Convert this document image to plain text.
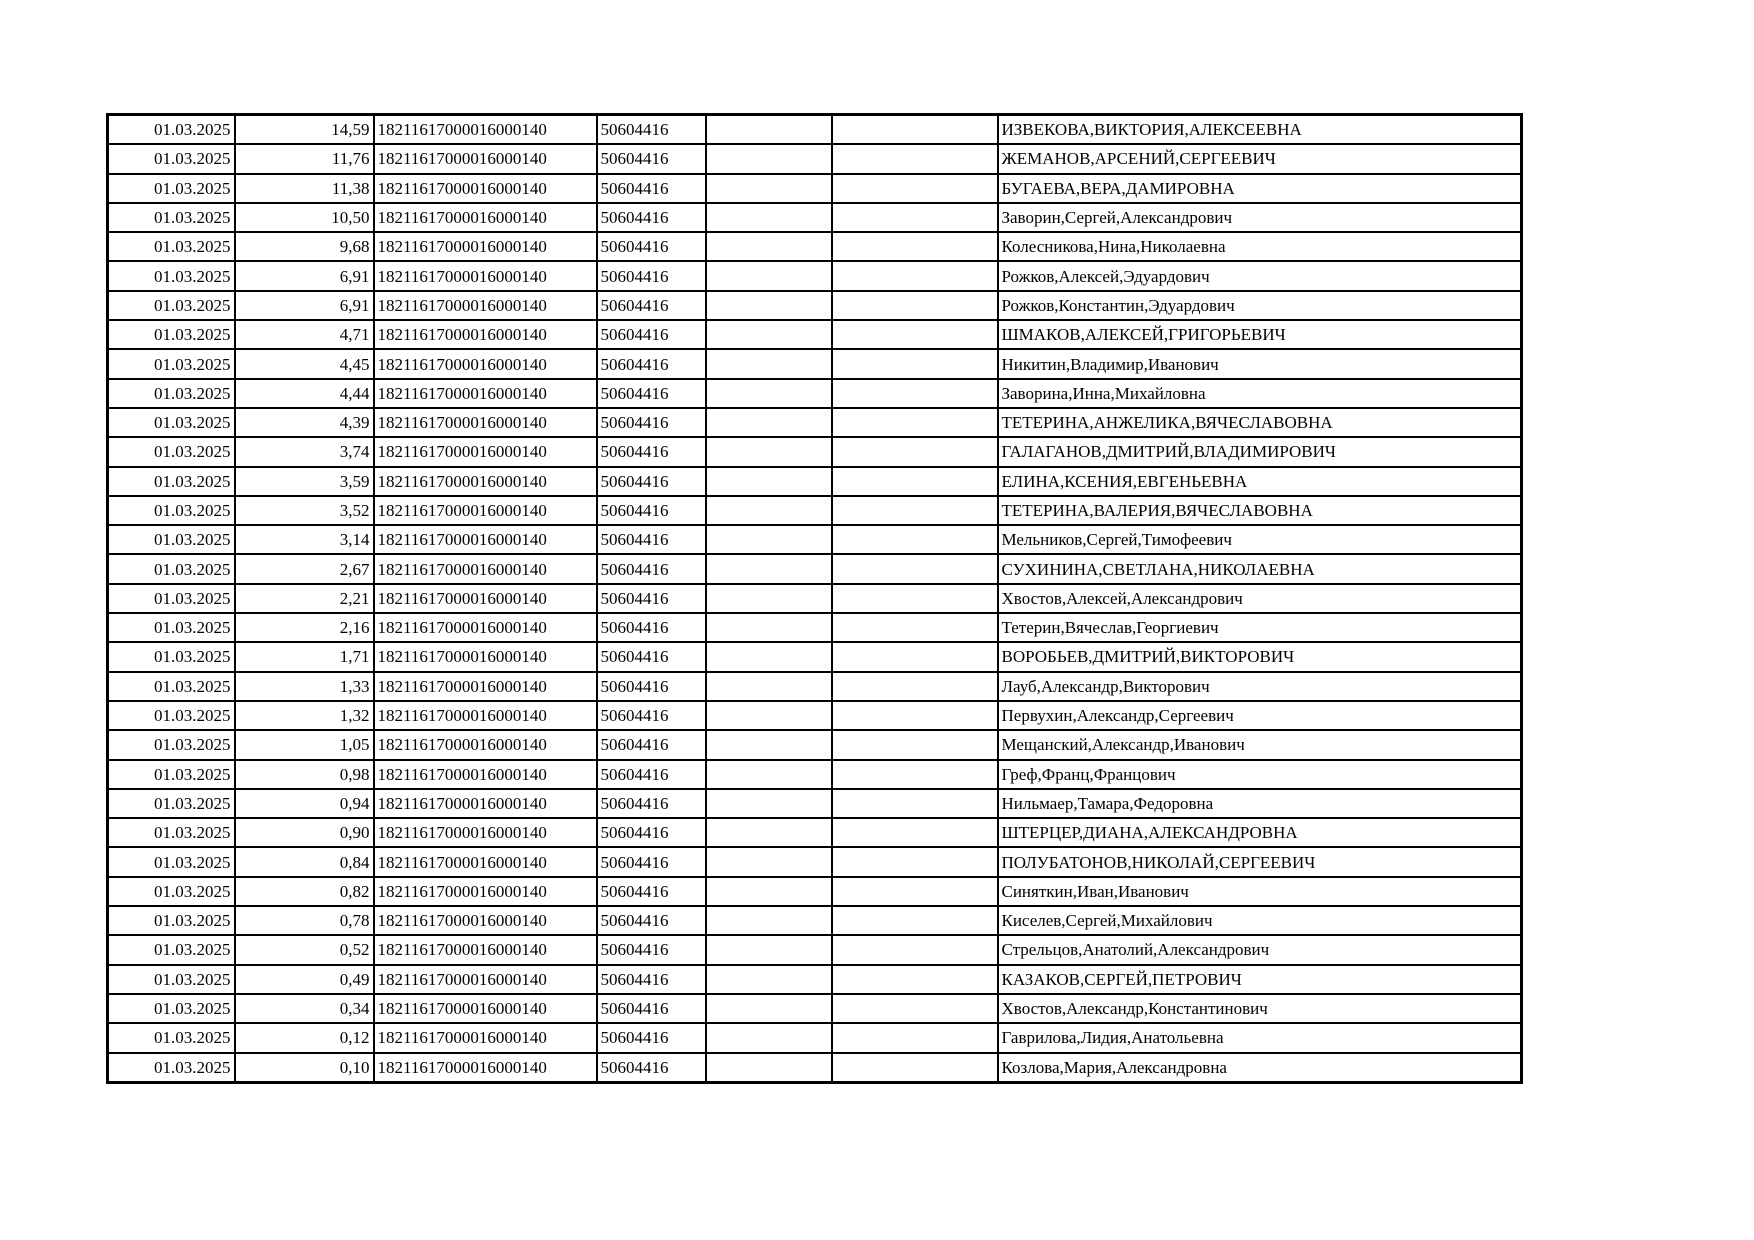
01.03.2025	14,59	18211617000016000140	50604416			ИЗВЕКОВА,ВИКТОРИЯ,АЛЕКСЕЕВНА
01.03.2025	11,76	18211617000016000140	50604416			ЖЕМАНОВ,АРСЕНИЙ,СЕРГЕЕВИЧ
01.03.2025	11,38	18211617000016000140	50604416			БУГАЕВА,ВЕРА,ДАМИРОВНА
01.03.2025	10,50	18211617000016000140	50604416			Заворин,Сергей,Александрович
01.03.2025	9,68	18211617000016000140	50604416			Колесникова,Нина,Николаевна
01.03.2025	6,91	18211617000016000140	50604416			Рожков,Алексей,Эдуардович
01.03.2025	6,91	18211617000016000140	50604416			Рожков,Константин,Эдуардович
01.03.2025	4,71	18211617000016000140	50604416			ШМАКОВ,АЛЕКСЕЙ,ГРИГОРЬЕВИЧ
01.03.2025	4,45	18211617000016000140	50604416			Никитин,Владимир,Иванович
01.03.2025	4,44	18211617000016000140	50604416			Заворина,Инна,Михайловна
01.03.2025	4,39	18211617000016000140	50604416			ТЕТЕРИНА,АНЖЕЛИКА,ВЯЧЕСЛАВОВНА
01.03.2025	3,74	18211617000016000140	50604416			ГАЛАГАНОВ,ДМИТРИЙ,ВЛАДИМИРОВИЧ
01.03.2025	3,59	18211617000016000140	50604416			ЕЛИНА,КСЕНИЯ,ЕВГЕНЬЕВНА
01.03.2025	3,52	18211617000016000140	50604416			ТЕТЕРИНА,ВАЛЕРИЯ,ВЯЧЕСЛАВОВНА
01.03.2025	3,14	18211617000016000140	50604416			Мельников,Сергей,Тимофеевич
01.03.2025	2,67	18211617000016000140	50604416			СУХИНИНА,СВЕТЛАНА,НИКОЛАЕВНА
01.03.2025	2,21	18211617000016000140	50604416			Хвостов,Алексей,Александрович
01.03.2025	2,16	18211617000016000140	50604416			Тетерин,Вячеслав,Георгиевич
01.03.2025	1,71	18211617000016000140	50604416			ВОРОБЬЕВ,ДМИТРИЙ,ВИКТОРОВИЧ
01.03.2025	1,33	18211617000016000140	50604416			Лауб,Александр,Викторович
01.03.2025	1,32	18211617000016000140	50604416			Первухин,Александр,Сергеевич
01.03.2025	1,05	18211617000016000140	50604416			Мещанский,Александр,Иванович
01.03.2025	0,98	18211617000016000140	50604416			Греф,Франц,Францович
01.03.2025	0,94	18211617000016000140	50604416			Нильмаер,Тамара,Федоровна
01.03.2025	0,90	18211617000016000140	50604416			ШТЕРЦЕР,ДИАНА,АЛЕКСАНДРОВНА
01.03.2025	0,84	18211617000016000140	50604416			ПОЛУБАТОНОВ,НИКОЛАЙ,СЕРГЕЕВИЧ
01.03.2025	0,82	18211617000016000140	50604416			Синяткин,Иван,Иванович
01.03.2025	0,78	18211617000016000140	50604416			Киселев,Сергей,Михайлович
01.03.2025	0,52	18211617000016000140	50604416			Стрельцов,Анатолий,Александрович
01.03.2025	0,49	18211617000016000140	50604416			КАЗАКОВ,СЕРГЕЙ,ПЕТРОВИЧ
01.03.2025	0,34	18211617000016000140	50604416			Хвостов,Александр,Константинович
01.03.2025	0,12	18211617000016000140	50604416			Гаврилова,Лидия,Анатольевна
01.03.2025	0,10	18211617000016000140	50604416			Козлова,Мария,Александровна
